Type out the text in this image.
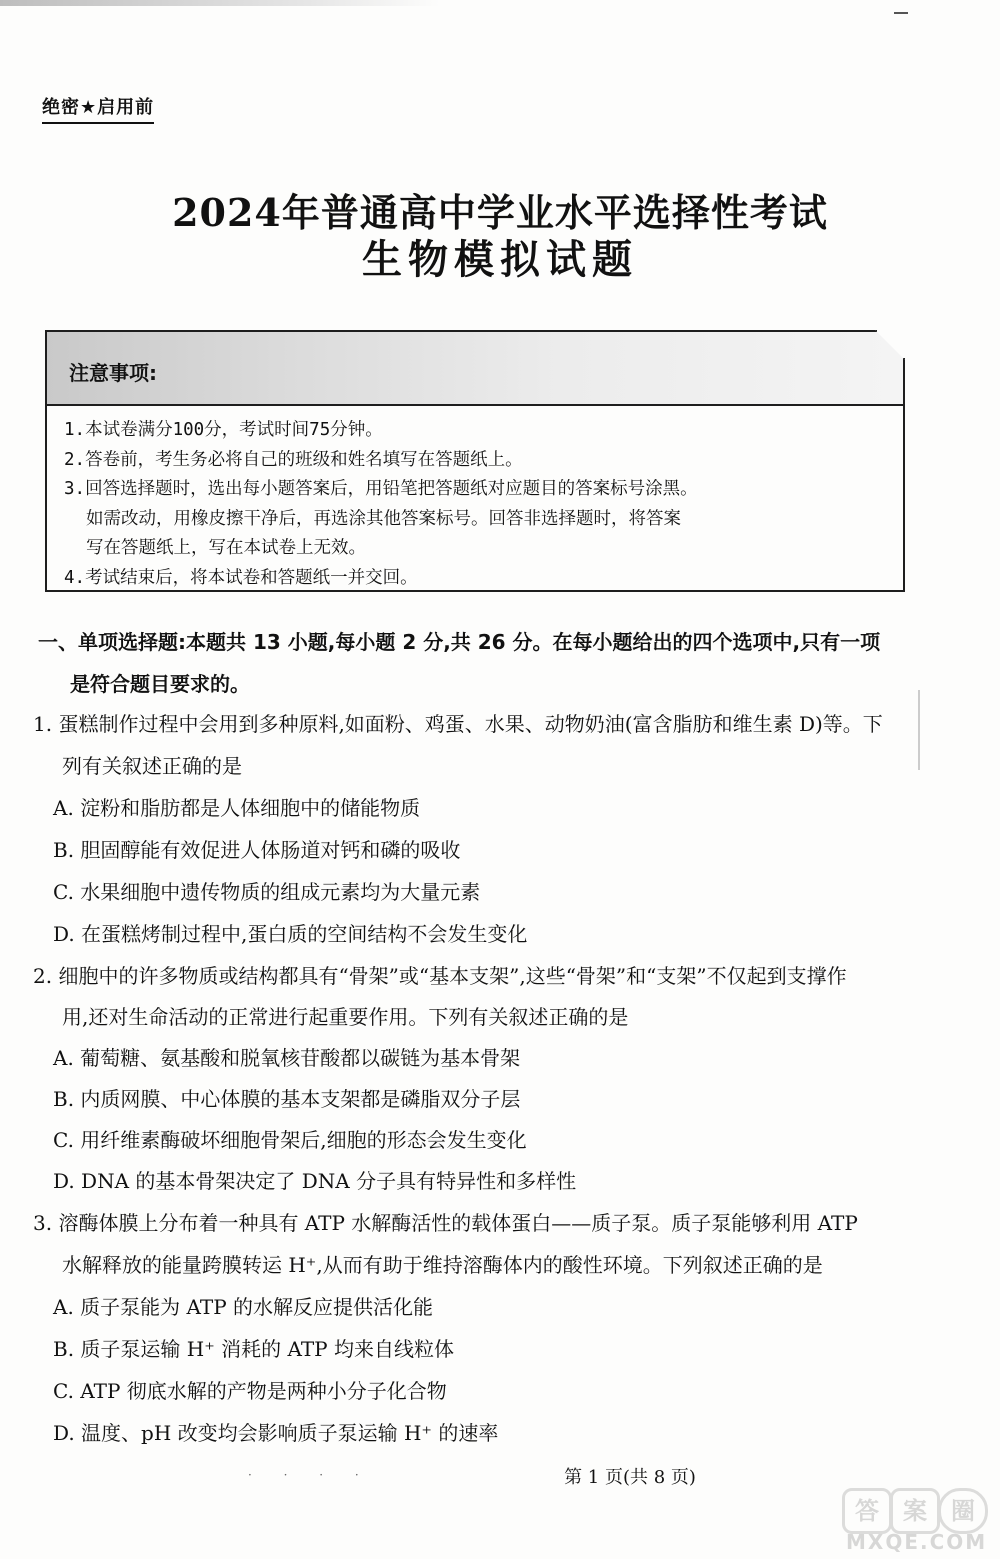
绝密★启用前
2024年普通高中学业水平选择性考试
生物模拟试题
注意事项:
1.本试卷满分100分，考试时间75分钟。
2.答卷前，考生务必将自己的班级和姓名填写在答题纸上。
3.回答选择题时，选出每小题答案后，用铅笔把答题纸对应题目的答案标号涂黑。
如需改动，用橡皮擦干净后，再选涂其他答案标号。回答非选择题时，将答案
写在答题纸上，写在本试卷上无效。
4.考试结束后，将本试卷和答题纸一并交回。
一、单项选择题:本题共 13 小题,每小题 2 分,共 26 分。在每小题给出的四个选项中,只有一项
是符合题目要求的。
1. 蛋糕制作过程中会用到多种原料,如面粉、鸡蛋、水果、动物奶油(富含脂肪和维生素 D)等。下
列有关叙述正确的是
A. 淀粉和脂肪都是人体细胞中的储能物质
B. 胆固醇能有效促进人体肠道对钙和磷的吸收
C. 水果细胞中遗传物质的组成元素均为大量元素
D. 在蛋糕烤制过程中,蛋白质的空间结构不会发生变化
2. 细胞中的许多物质或结构都具有“骨架”或“基本支架”,这些“骨架”和“支架”不仅起到支撑作
用,还对生命活动的正常进行起重要作用。下列有关叙述正确的是
A. 葡萄糖、氨基酸和脱氧核苷酸都以碳链为基本骨架
B. 内质网膜、中心体膜的基本支架都是磷脂双分子层
C. 用纤维素酶破坏细胞骨架后,细胞的形态会发生变化
D. DNA 的基本骨架决定了 DNA 分子具有特异性和多样性
3. 溶酶体膜上分布着一种具有 ATP 水解酶活性的载体蛋白——质子泵。质子泵能够利用 ATP
水解释放的能量跨膜转运 H⁺,从而有助于维持溶酶体内的酸性环境。下列叙述正确的是
A. 质子泵能为 ATP 的水解反应提供活化能
B. 质子泵运输 H⁺ 消耗的 ATP 均来自线粒体
C. ATP 彻底水解的产物是两种小分子化合物
D. 温度、pH 改变均会影响质子泵运输 H⁺ 的速率
· · · ·	第 1 页(共 8 页)
答	案	圈
MXQE.COM
